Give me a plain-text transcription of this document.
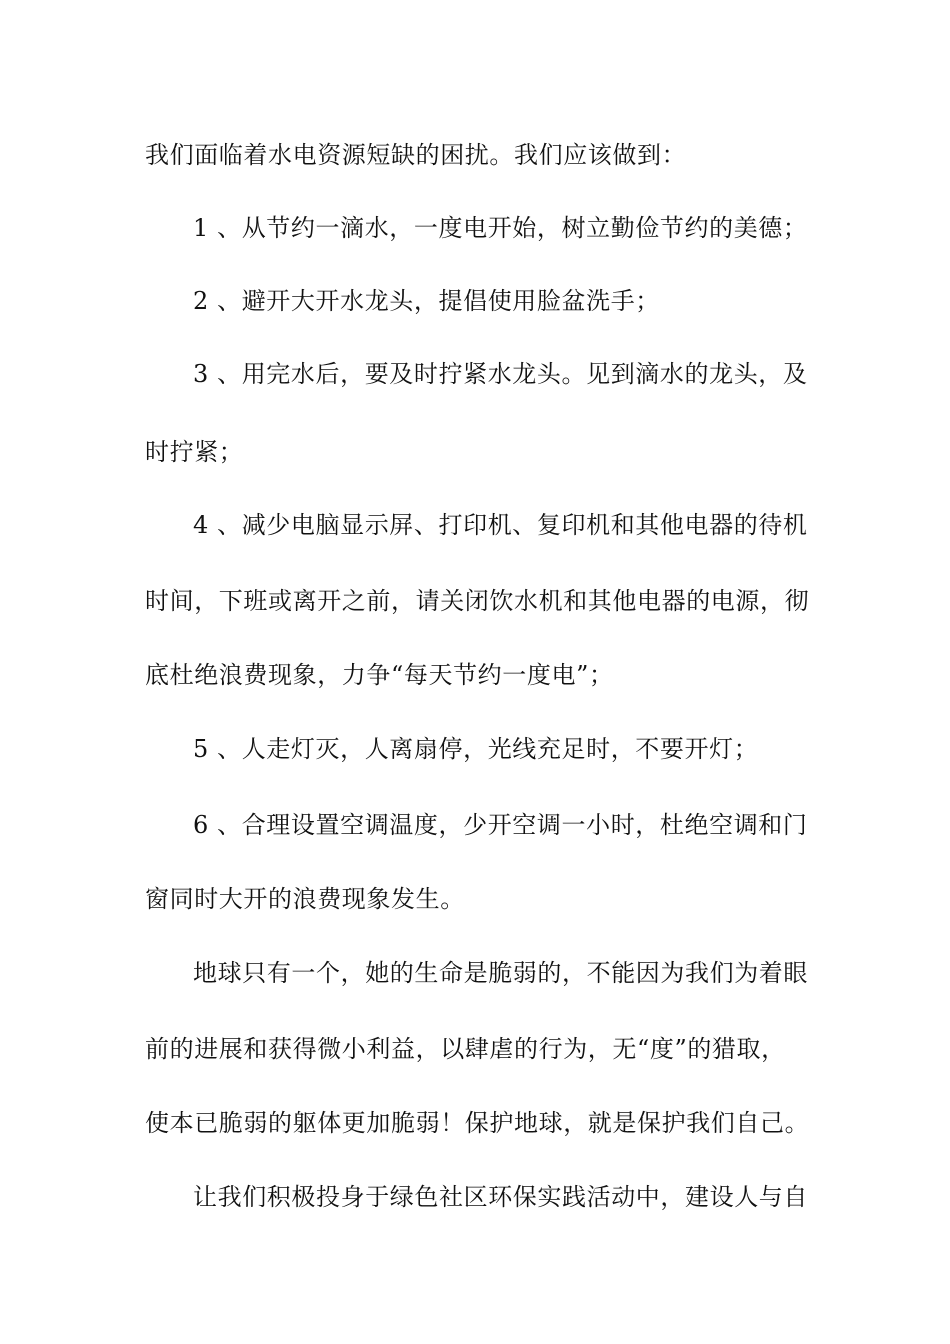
我们面临着水电资源短缺的困扰。我们应该做到：
1 、从节约一滴水，一度电开始，树立勤俭节约的美德；
2 、避开大开水龙头，提倡使用脸盆洗手；
3 、用完水后，要及时拧紧水龙头。见到滴水的龙头，及
时拧紧；
4 、减少电脑显示屏、打印机、复印机和其他电器的待机
时间，下班或离开之前，请关闭饮水机和其他电器的电源，彻
底杜绝浪费现象，力争“每天节约一度电”；
5 、人走灯灭，人离扇停，光线充足时，不要开灯；
6 、合理设置空调温度，少开空调一小时，杜绝空调和门
窗同时大开的浪费现象发生。
地球只有一个，她的生命是脆弱的，不能因为我们为着眼
前的进展和获得微小利益，以肆虐的行为，无“度”的猎取，
使本已脆弱的躯体更加脆弱！保护地球，就是保护我们自己。
让我们积极投身于绿色社区环保实践活动中，建设人与自
